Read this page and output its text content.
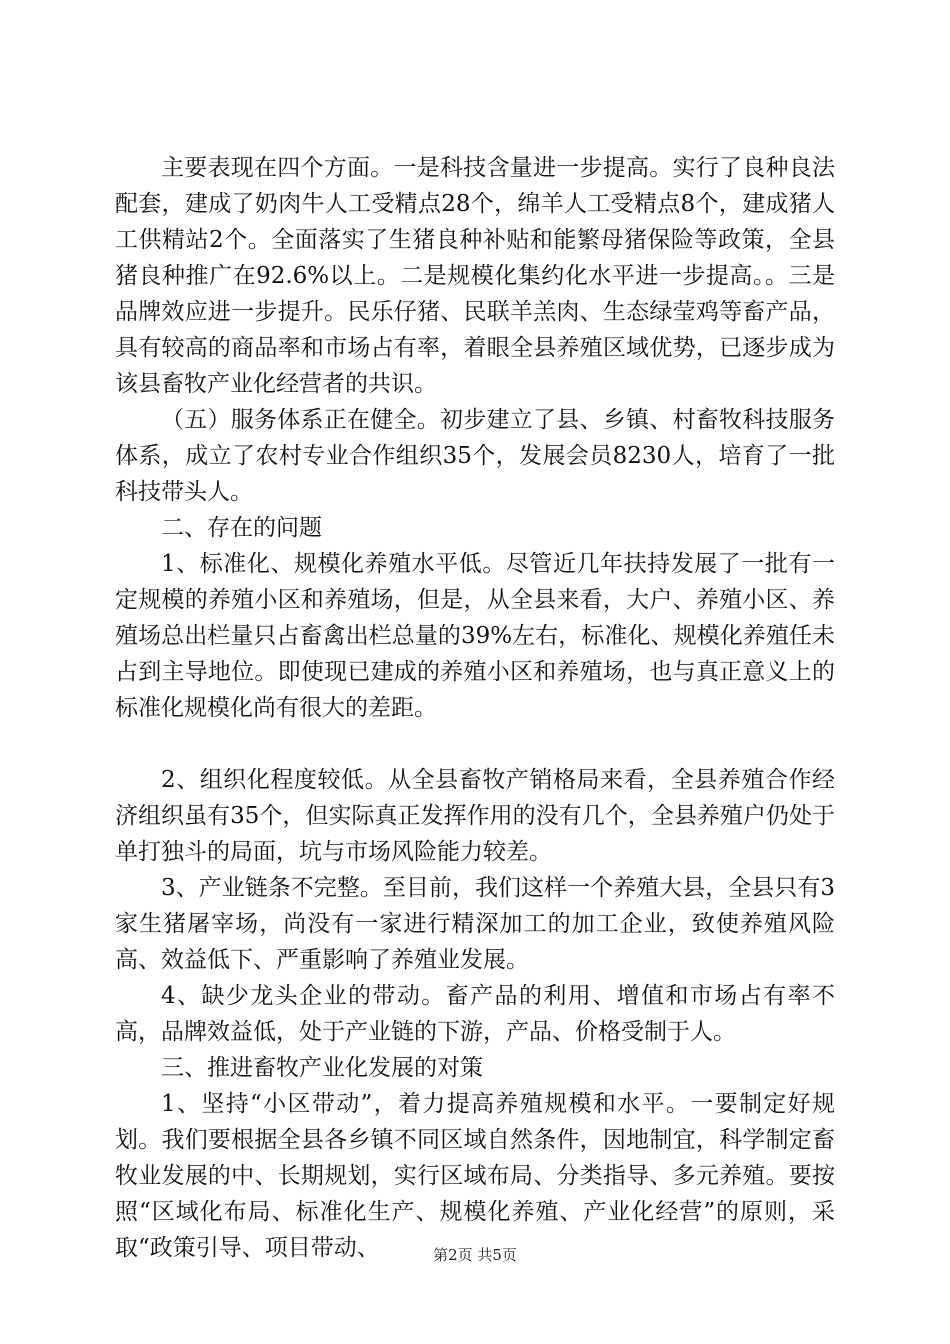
主要表现在四个方面。一是科技含量进一步提高。实行了良种良法配套，建成了奶肉牛人工受精点28个，绵羊人工受精点8个，建成猪人工供精站2个。全面落实了生猪良种补贴和能繁母猪保险等政策，全县猪良种推广在92.6%以上。二是规模化集约化水平进一步提高。。三是品牌效应进一步提升。民乐仔猪、民联羊羔肉、生态绿莹鸡等畜产品，具有较高的商品率和市场占有率，着眼全县养殖区域优势，已逐步成为该县畜牧产业化经营者的共识。

（五）服务体系正在健全。初步建立了县、乡镇、村畜牧科技服务体系，成立了农村专业合作组织35个，发展会员8230人，培育了一批科技带头人。

二、存在的问题

1、标准化、规模化养殖水平低。尽管近几年扶持发展了一批有一定规模的养殖小区和养殖场，但是，从全县来看，大户、养殖小区、养殖场总出栏量只占畜禽出栏总量的39%左右，标准化、规模化养殖任未占到主导地位。即使现已建成的养殖小区和养殖场，也与真正意义上的标准化规模化尚有很大的差距。

2、组织化程度较低。从全县畜牧产销格局来看，全县养殖合作经济组织虽有35个，但实际真正发挥作用的没有几个，全县养殖户仍处于单打独斗的局面，坑与市场风险能力较差。

3、产业链条不完整。至目前，我们这样一个养殖大县，全县只有3家生猪屠宰场，尚没有一家进行精深加工的加工企业，致使养殖风险高、效益低下、严重影响了养殖业发展。

4、缺少龙头企业的带动。畜产品的利用、增值和市场占有率不高，品牌效益低，处于产业链的下游，产品、价格受制于人。

三、推进畜牧产业化发展的对策

1、坚持“小区带动”，着力提高养殖规模和水平。一要制定好规划。我们要根据全县各乡镇不同区域自然条件，因地制宜，科学制定畜牧业发展的中、长期规划，实行区域布局、分类指导、多元养殖。要按照“区域化布局、标准化生产、规模化养殖、产业化经营”的原则，采取“政策引导、项目带动、	第2页 共5页
